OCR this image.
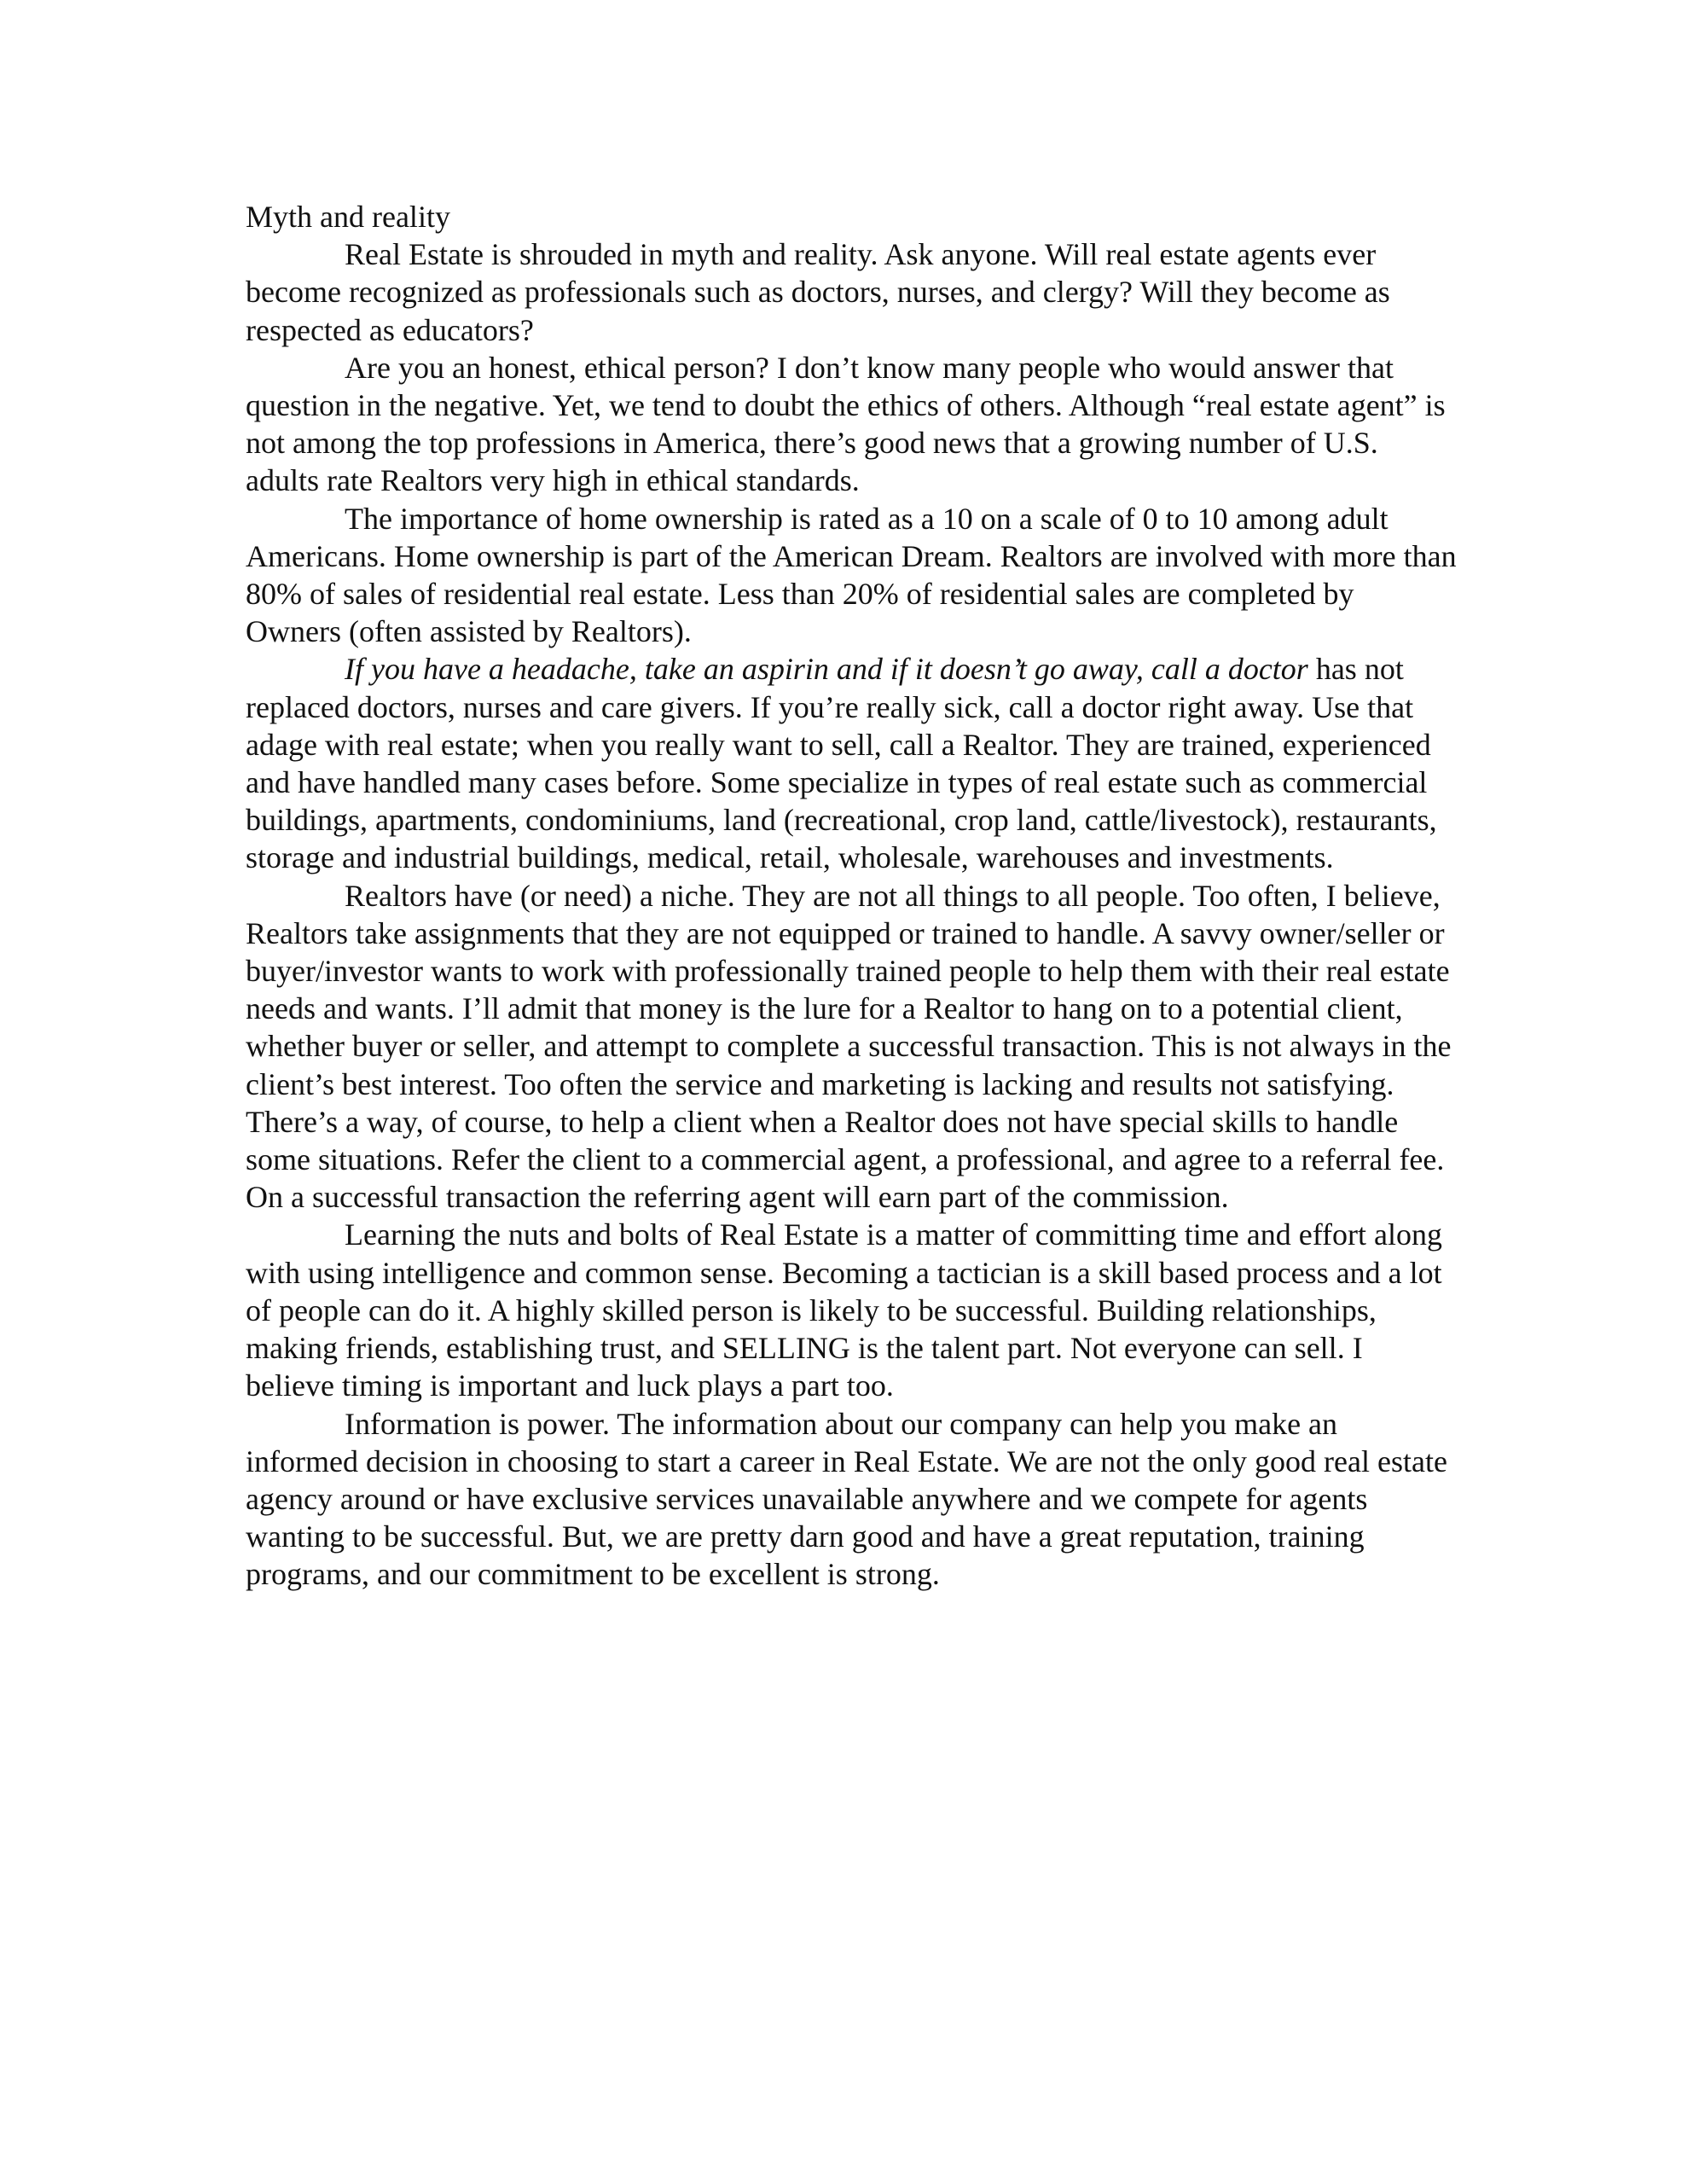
Myth and reality

Real Estate is shrouded in myth and reality. Ask anyone. Will real estate agents ever become recognized as professionals such as doctors, nurses, and clergy? Will they become as respected as educators?

Are you an honest, ethical person? I don’t know many people who would answer that question in the negative. Yet, we tend to doubt the ethics of others. Although “real estate agent” is not among the top professions in America, there’s good news that a growing number of U.S. adults rate Realtors very high in ethical standards.

The importance of home ownership is rated as a 10 on a scale of 0 to 10 among adult Americans. Home ownership is part of the American Dream. Realtors are involved with more than 80% of sales of residential real estate. Less than 20% of residential sales are completed by Owners (often assisted by Realtors).

If you have a headache, take an aspirin and if it doesn’t go away, call a doctor has not replaced doctors, nurses and care givers. If you’re really sick, call a doctor right away. Use that adage with real estate; when you really want to sell, call a Realtor. They are trained, experienced and have handled many cases before. Some specialize in types of real estate such as commercial buildings, apartments, condominiums, land (recreational, crop land, cattle/livestock), restaurants, storage and industrial buildings, medical, retail, wholesale, warehouses and investments.

Realtors have (or need) a niche. They are not all things to all people. Too often, I believe, Realtors take assignments that they are not equipped or trained to handle. A savvy owner/seller or buyer/investor wants to work with professionally trained people to help them with their real estate needs and wants. I’ll admit that money is the lure for a Realtor to hang on to a potential client, whether buyer or seller, and attempt to complete a successful transaction. This is not always in the client’s best interest. Too often the service and marketing is lacking and results not satisfying. There’s a way, of course, to help a client when a Realtor does not have special skills to handle some situations. Refer the client to a commercial agent, a professional, and agree to a referral fee. On a successful transaction the referring agent will earn part of the commission.

Learning the nuts and bolts of Real Estate is a matter of committing time and effort along with using intelligence and common sense. Becoming a tactician is a skill based process and a lot of people can do it. A highly skilled person is likely to be successful. Building relationships, making friends, establishing trust, and SELLING is the talent part. Not everyone can sell. I believe timing is important and luck plays a part too.

Information is power. The information about our company can help you make an informed decision in choosing to start a career in Real Estate. We are not the only good real estate agency around or have exclusive services unavailable anywhere and we compete for agents wanting to be successful. But, we are pretty darn good and have a great reputation, training programs, and our commitment to be excellent is strong.
